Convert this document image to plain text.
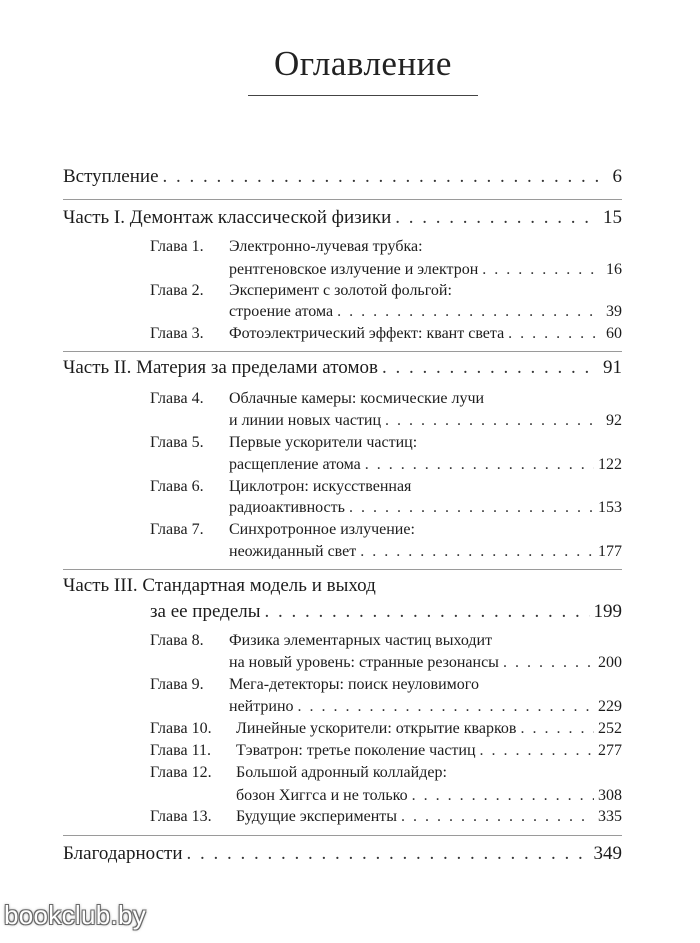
Оглавление
Вступление . . .	6
Часть I. Демонтаж классической физики . . .	15
Глава 1. Электронно-лучевая трубка:
рентгеновское излучение и электрон . . .	16
Глава 2. Эксперимент с золотой фольгой:
строение атома . . .	39
Глава 3. Фотоэлектрический эффект: квант света . . .	60
Часть II. Материя за пределами атомов . . .	91
Глава 4. Облачные камеры: космические лучи
и линии новых частиц . . .	92
Глава 5. Первые ускорители частиц:
расщепление атома . . .	122
Глава 6. Циклотрон: искусственная
радиоактивность . . .	153
Глава 7. Синхротронное излучение:
неожиданный свет . . .	177
Часть III. Стандартная модель и выход
за ее пределы . . .	199
Глава 8. Физика элементарных частиц выходит
на новый уровень: странные резонансы . . .	200
Глава 9. Мега-детекторы: поиск неуловимого
нейтрино . . .	229
Глава 10. Линейные ускорители: открытие кварков . . .	252
Глава 11. Тэватрон: третье поколение частиц . . .	277
Глава 12. Большой адронный коллайдер:
бозон Хиггса и не только . . .	308
Глава 13. Будущие эксперименты . . .	335
Благодарности . . .	349
bookclub.by
